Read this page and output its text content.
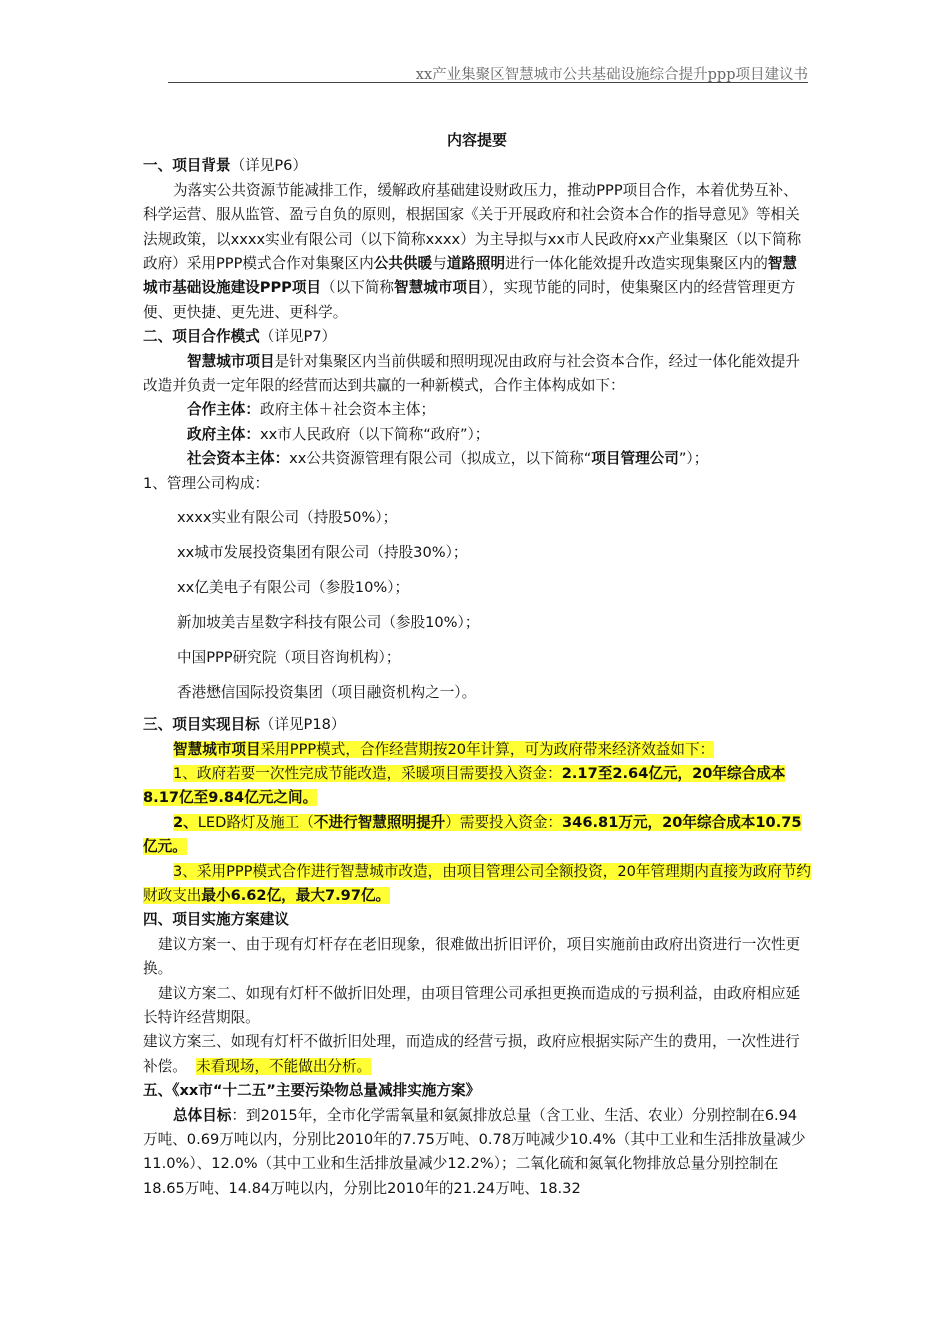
xx产业集聚区智慧城市公共基础设施综合提升ppp项目建议书
内容提要
一、项目背景（详见P6）

为落实公共资源节能减排工作，缓解政府基础建设财政压力，推动PPP项目合作，本着优势互补、科学运营、服从监管、盈亏自负的原则，根据国家《关于开展政府和社会资本合作的指导意见》等相关法规政策，以xxxx实业有限公司（以下简称xxxx）为主导拟与xx市人民政府xx产业集聚区（以下简称政府）采用PPP模式合作对集聚区内公共供暖与道路照明进行一体化能效提升改造实现集聚区内的智慧城市基础设施建设PPP项目（以下简称智慧城市项目），实现节能的同时，使集聚区内的经营管理更方便、更快捷、更先进、更科学。

二、项目合作模式（详见P7）

智慧城市项目是针对集聚区内当前供暖和照明现况由政府与社会资本合作，经过一体化能效提升改造并负责一定年限的经营而达到共赢的一种新模式，合作主体构成如下：

合作主体：政府主体＋社会资本主体；

政府主体：xx市人民政府（以下简称“政府”）；

社会资本主体：xx公共资源管理有限公司（拟成立，以下简称“项目管理公司”）；

1、管理公司构成：
xxxx实业有限公司（持股50%）；
xx城市发展投资集团有限公司（持股30%）；
xx亿美电子有限公司（参股10%）；
新加坡美吉星数字科技有限公司（参股10%）；
中国PPP研究院（项目咨询机构）；
香港懋信国际投资集团（项目融资机构之一）。
三、项目实现目标（详见P18）

智慧城市项目采用PPP模式，合作经营期按20年计算，可为政府带来经济效益如下：

1、政府若要一次性完成节能改造，采暖项目需要投入资金：2.17至2.64亿元，20年综合成本8.17亿至9.84亿元之间。

2、LED路灯及施工（不进行智慧照明提升）需要投入资金：346.81万元，20年综合成本10.75亿元。

3、采用PPP模式合作进行智慧城市改造，由项目管理公司全额投资，20年管理期内直接为政府节约财政支出最小6.62亿，最大7.97亿。

四、项目实施方案建议

建议方案一、由于现有灯杆存在老旧现象，很难做出折旧评价，项目实施前由政府出资进行一次性更换。

建议方案二、如现有灯杆不做折旧处理，由项目管理公司承担更换而造成的亏损利益，由政府相应延长特许经营期限。

建议方案三、如现有灯杆不做折旧处理，而造成的经营亏损，政府应根据实际产生的费用，一次性进行补偿。 未看现场，不能做出分析。

五、《xx市“十二五”主要污染物总量减排实施方案》

总体目标：到2015年，全市化学需氧量和氨氮排放总量（含工业、生活、农业）分别控制在6.94万吨、0.69万吨以内，分别比2010年的7.75万吨、0.78万吨减少10.4%（其中工业和生活排放量减少11.0%）、12.0%（其中工业和生活排放量减少12.2%）；二氧化硫和氮氧化物排放总量分别控制在18.65万吨、14.84万吨以内，分别比2010年的21.24万吨、18.32
